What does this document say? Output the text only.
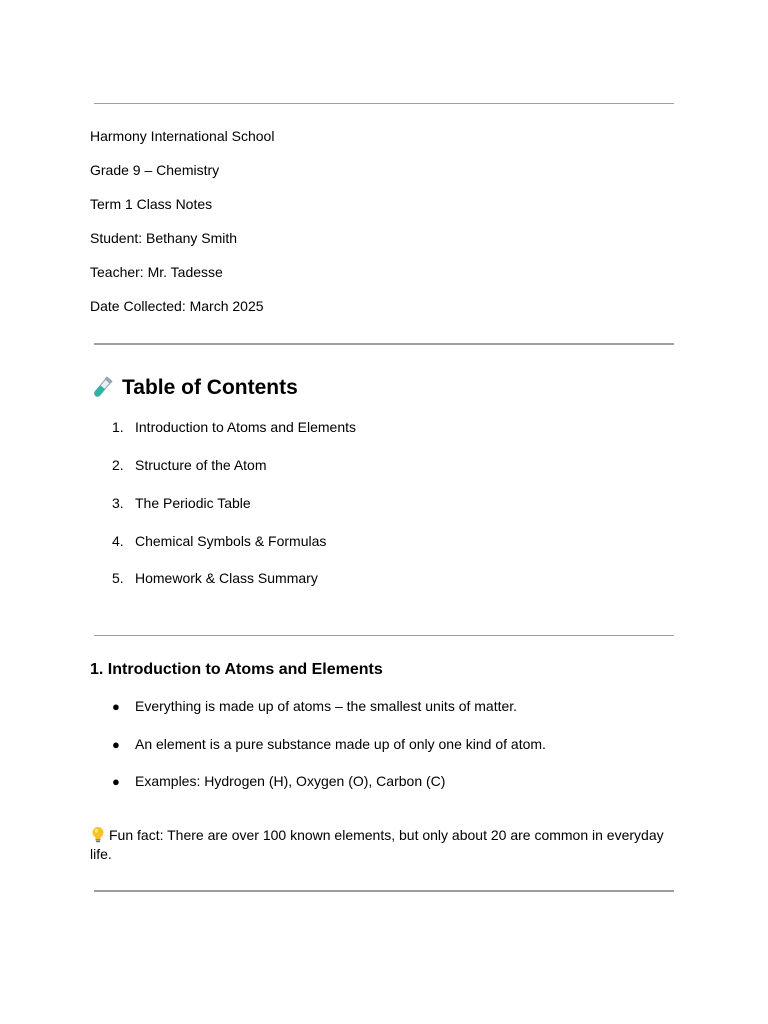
Harmony International School
Grade 9 – Chemistry
Term 1 Class Notes
Student: Bethany Smith
Teacher: Mr. Tadesse
Date Collected: March 2025
Table of Contents
1. Introduction to Atoms and Elements
2. Structure of the Atom
3. The Periodic Table
4. Chemical Symbols & Formulas
5. Homework & Class Summary
1. Introduction to Atoms and Elements
● Everything is made up of atoms – the smallest units of matter.
● An element is a pure substance made up of only one kind of atom.
● Examples: Hydrogen (H), Oxygen (O), Carbon (C)
Fun fact: There are over 100 known elements, but only about 20 are common in everyday life.
